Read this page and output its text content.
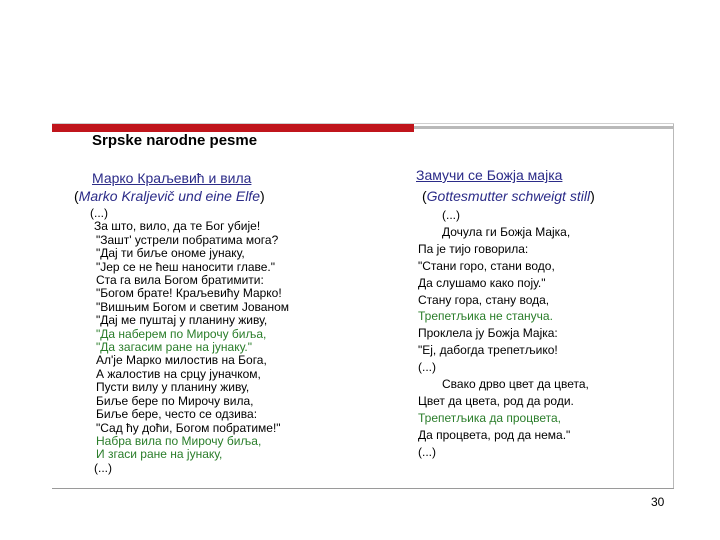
Srpske narodne pesme
Марко Краљевић и вила
(Marko Kraljevič und eine Elfe)
(...)
За што, вило, да те Бог убије!
"Зашт' устрели побратима мога?
"Дај ти биље ономе јунаку,
"Јер се не ћеш наносити главе."
Ста га вила Богом братимити:
"Богом брате! Краљевићу Марко!
"Вишњим Богом и светим Јованом
"Дај ме пуштај у планину живу,
"Да наберем по Мирочу биља,
"Да загасим ране на јунаку."
Ал'је Марко милостив на Бога,
А жалостив на срцу јуначком,
Пусти вилу у планину живу,
Биље бере по Мирочу вила,
Биље бере, често се одзива:
"Сад ћу доћи, Богом побратиме!"
Набра вила по Мирочу биља,
И згаси ране на јунаку,
(...)
Замучи се Божја мајка
(Gottesmutter schweigt still)
(...)
Дочула ги Божја Мајка,
Па је тијо говорила:
"Стани горо, стани водо,
Да слушамо како поју."
Стану гора, стану вода,
Трепетљика не стануча.
Проклела ју Божја Мајка:
"Еј, дабогда трепетљико!
(...)
Свако дрво цвет да цвета,
Цвет да цвета, род да роди.
Трепетљика да процвета,
Да процвета, род да нема."
(...)
30
